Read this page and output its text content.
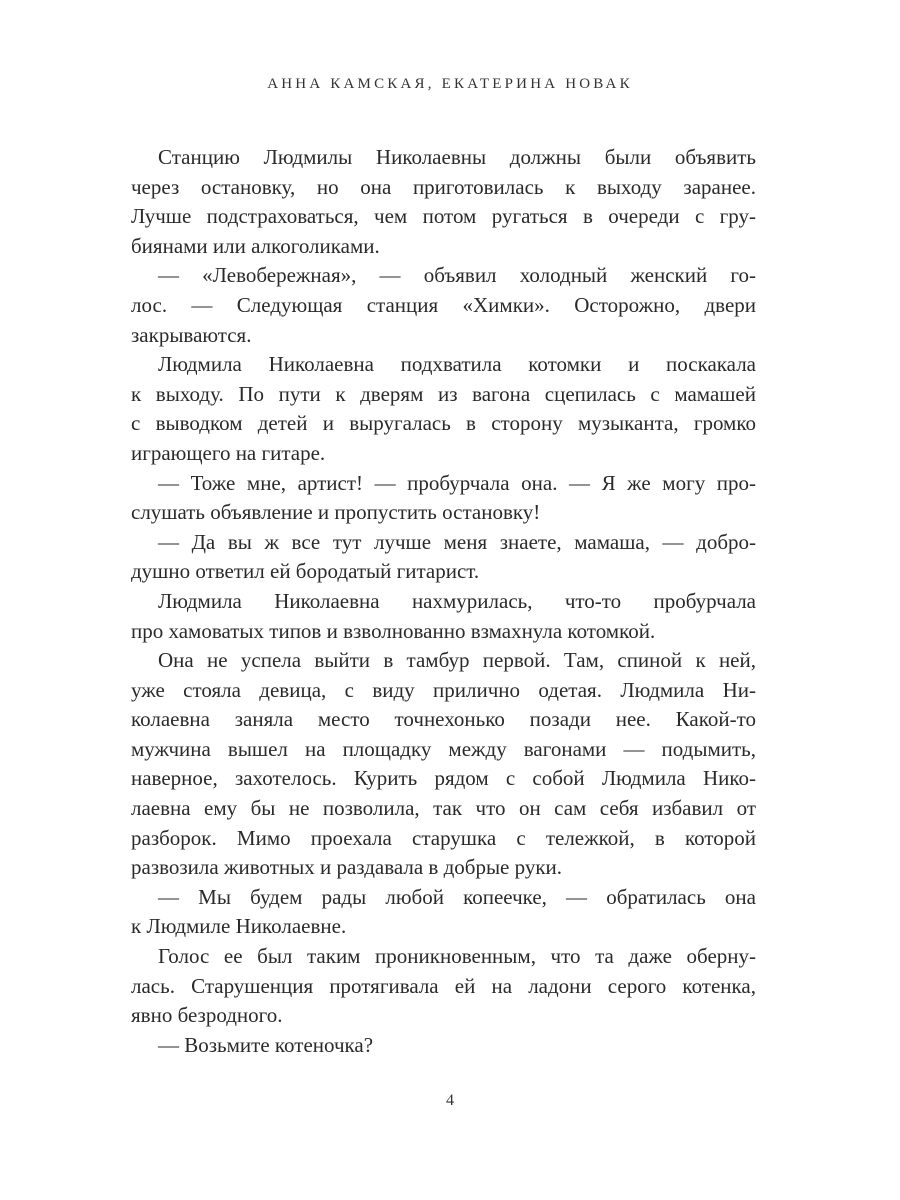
АННА КАМСКАЯ, ЕКАТЕРИНА НОВАК
Станцию Людмилы Николаевны должны были объявить
через остановку, но она приготовилась к выходу заранее.
Лучше подстраховаться, чем потом ругаться в очереди с гру-
биянами или алкоголиками.
— «Левобережная», — объявил холодный женский го-
лос. — Следующая станция «Химки». Осторожно, двери
закрываются.
Людмила Николаевна подхватила котомки и поскакала
к выходу. По пути к дверям из вагона сцепилась с мамашей
с выводком детей и выругалась в сторону музыканта, громко
играющего на гитаре.
— Тоже мне, артист! — пробурчала она. — Я же могу про-
слушать объявление и пропустить остановку!
— Да вы ж все тут лучше меня знаете, мамаша, — добро-
душно ответил ей бородатый гитарист.
Людмила Николаевна нахмурилась, что-то пробурчала
про хамоватых типов и взволнованно взмахнула котомкой.
Она не успела выйти в тамбур первой. Там, спиной к ней,
уже стояла девица, с виду прилично одетая. Людмила Ни-
колаевна заняла место точнехонько позади нее. Какой-то
мужчина вышел на площадку между вагонами — подымить,
наверное, захотелось. Курить рядом с собой Людмила Нико-
лаевна ему бы не позволила, так что он сам себя избавил от
разборок. Мимо проехала старушка с тележкой, в которой
развозила животных и раздавала в добрые руки.
— Мы будем рады любой копеечке, — обратилась она
к Людмиле Николаевне.
Голос ее был таким проникновенным, что та даже оберну-
лась. Старушенция протягивала ей на ладони серого котенка,
явно безродного.
— Возьмите котеночка?
4
